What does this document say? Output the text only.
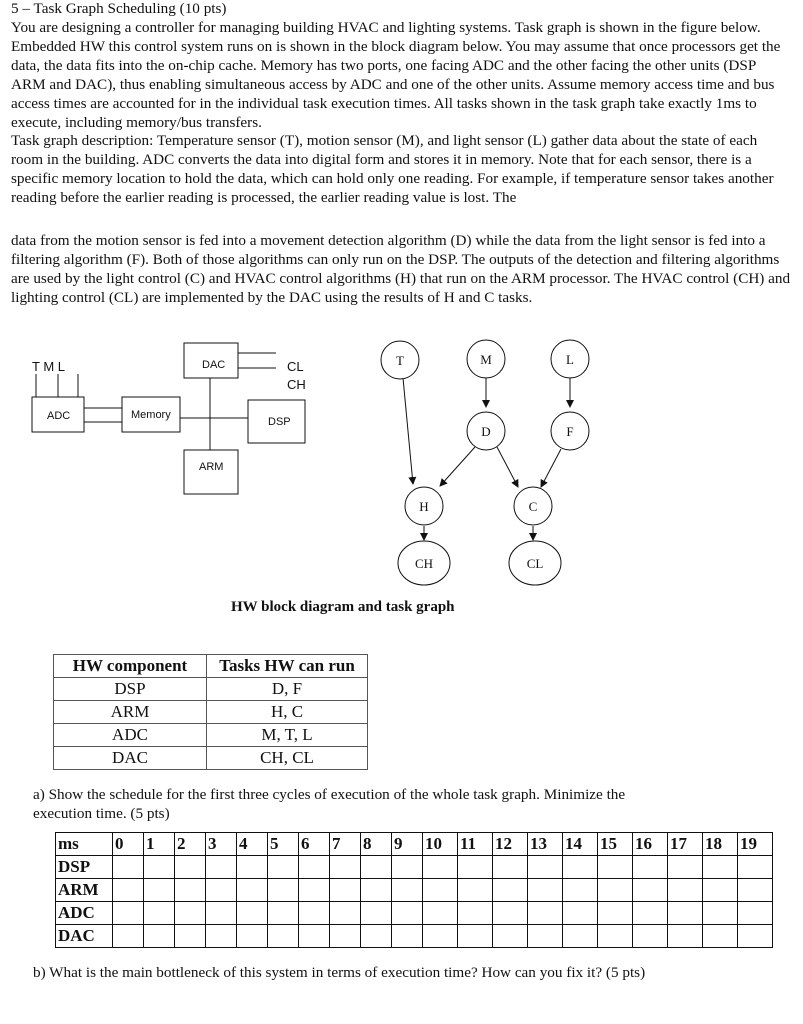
5 – Task Graph Scheduling (10 pts)

You are designing a controller for managing building HVAC and lighting systems. Task graph is shown in the figure below. Embedded HW this control system runs on is shown in the block diagram below. You may assume that once processors get the data, the data fits into the on-chip cache. Memory has two ports, one facing ADC and the other facing the other units (DSP ARM and DAC), thus enabling simultaneous access by ADC and one of the other units. Assume memory access time and bus access times are accounted for in the individual task execution times. All tasks shown in the task graph take exactly 1ms to execute, including memory/bus transfers.

Task graph description: Temperature sensor (T), motion sensor (M), and light sensor (L) gather data about the state of each room in the building. ADC converts the data into digital form and stores it in memory. Note that for each sensor, there is a specific memory location to hold the data, which can hold only one reading. For example, if temperature sensor takes another reading before the earlier reading is processed, the earlier reading value is lost. The

data from the motion sensor is fed into a movement detection algorithm (D) while the data from the light sensor is fed into a filtering algorithm (F). Both of those algorithms can only run on the DSP. The outputs of the detection and filtering algorithms are used by the light control (C) and HVAC control algorithms (H) that run on the ARM processor. The HVAC control (CH) and lighting control (CL) are implemented by the DAC using the results of H and C tasks.

T M L
ADC	Memory
DAC	CL
CH
DSP
ARM
T	M	L
D	F
H	C
CH	CL
HW block diagram and task graph
HW component	Tasks HW can run
DSP	D, F
ARM	H, C
ADC	M, T, L
DAC	CH, CL
a) Show the schedule for the first three cycles of execution of the whole task graph. Minimize the execution time. (5 pts)
ms	0	1	2	3	4	5	6	7	8	9	10	11	12	13	14	15	16	17	18	19
DSP																				
ARM																				
ADC																				
DAC																				
b) What is the main bottleneck of this system in terms of execution time? How can you fix it? (5 pts)
